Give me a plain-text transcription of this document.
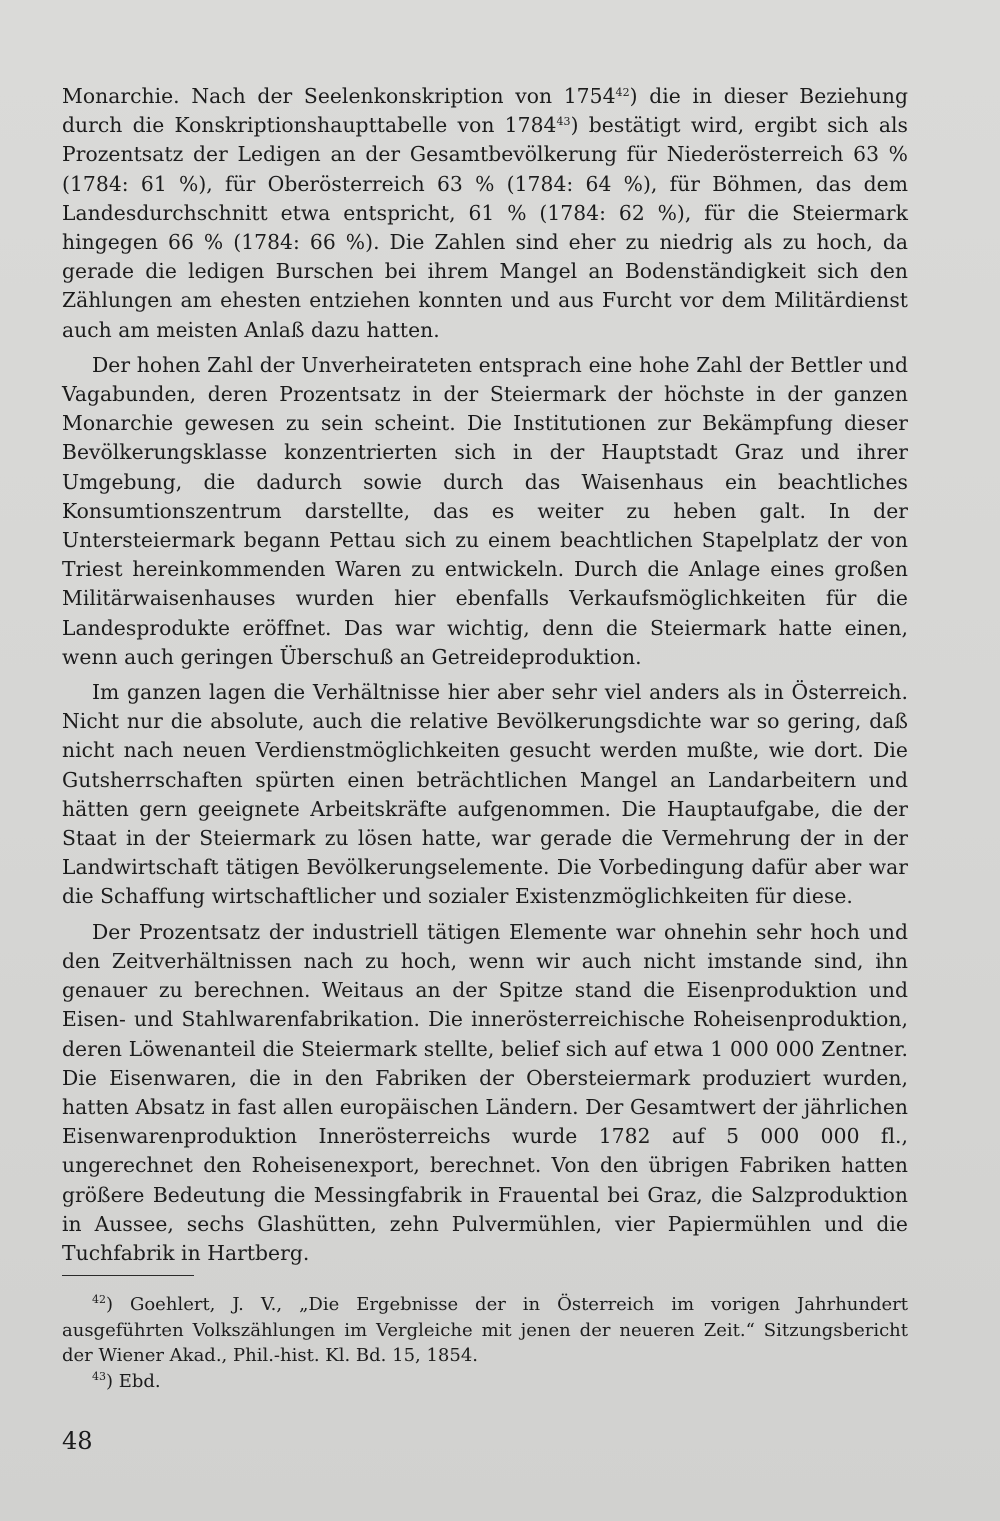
Monarchie. Nach der Seelenkonskription von 1754$^{42}$) die in dieser Beziehung durch die Konskriptionshaupttabelle von 1784$^{43}$) bestätigt wird, ergibt sich als Prozentsatz der Ledigen an der Gesamtbevölkerung für Niederösterreich 63 % (1784: 61 %), für Oberösterreich 63 % (1784: 64 %), für Böhmen, das dem Landesdurchschnitt etwa entspricht, 61 % (1784: 62 %), für die Steiermark hingegen 66 % (1784: 66 %). Die Zahlen sind eher zu niedrig als zu hoch, da gerade die ledigen Burschen bei ihrem Mangel an Bodenständigkeit sich den Zählungen am ehesten entziehen konnten und aus Furcht vor dem Militärdienst auch am meisten Anlaß dazu hatten.

Der hohen Zahl der Unverheirateten entsprach eine hohe Zahl der Bettler und Vagabunden, deren Prozentsatz in der Steiermark der höchste in der ganzen Monarchie gewesen zu sein scheint. Die Institutionen zur Bekämpfung dieser Bevölkerungsklasse konzentrierten sich in der Hauptstadt Graz und ihrer Umgebung, die dadurch sowie durch das Waisenhaus ein beachtliches Konsumtionszentrum darstellte, das es weiter zu heben galt. In der Untersteiermark begann Pettau sich zu einem beachtlichen Stapelplatz der von Triest hereinkommenden Waren zu entwickeln. Durch die Anlage eines großen Militärwaisenhauses wurden hier ebenfalls Verkaufsmöglichkeiten für die Landesprodukte eröffnet. Das war wichtig, denn die Steiermark hatte einen, wenn auch geringen Überschuß an Getreideproduktion.

Im ganzen lagen die Verhältnisse hier aber sehr viel anders als in Österreich. Nicht nur die absolute, auch die relative Bevölkerungsdichte war so gering, daß nicht nach neuen Verdienstmöglichkeiten gesucht werden mußte, wie dort. Die Gutsherrschaften spürten einen beträchtlichen Mangel an Landarbeitern und hätten gern geeignete Arbeitskräfte aufgenommen. Die Hauptaufgabe, die der Staat in der Steiermark zu lösen hatte, war gerade die Vermehrung der in der Landwirtschaft tätigen Bevölkerungselemente. Die Vorbedingung dafür aber war die Schaffung wirtschaftlicher und sozialer Existenzmöglichkeiten für diese.

Der Prozentsatz der industriell tätigen Elemente war ohnehin sehr hoch und den Zeitverhältnissen nach zu hoch, wenn wir auch nicht imstande sind, ihn genauer zu berechnen. Weitaus an der Spitze stand die Eisenproduktion und Eisen- und Stahlwarenfabrikation. Die innerösterreichische Roheisenproduktion, deren Löwenanteil die Steiermark stellte, belief sich auf etwa 1 000 000 Zentner. Die Eisenwaren, die in den Fabriken der Obersteiermark produziert wurden, hatten Absatz in fast allen europäischen Ländern. Der Gesamtwert der jährlichen Eisenwarenproduktion Innerösterreichs wurde 1782 auf 5 000 000 fl., ungerechnet den Roheisenexport, berechnet. Von den übrigen Fabriken hatten größere Bedeutung die Messingfabrik in Frauental bei Graz, die Salzproduktion in Aussee, sechs Glashütten, zehn Pulvermühlen, vier Papiermühlen und die Tuchfabrik in Hartberg.

$^{42}$) Goehlert, J. V., „Die Ergebnisse der in Österreich im vorigen Jahrhundert ausgeführten Volkszählungen im Vergleiche mit jenen der neueren Zeit.“ Sitzungsbericht der Wiener Akad., Phil.-hist. Kl. Bd. 15, 1854.

$^{43}$) Ebd.

48
